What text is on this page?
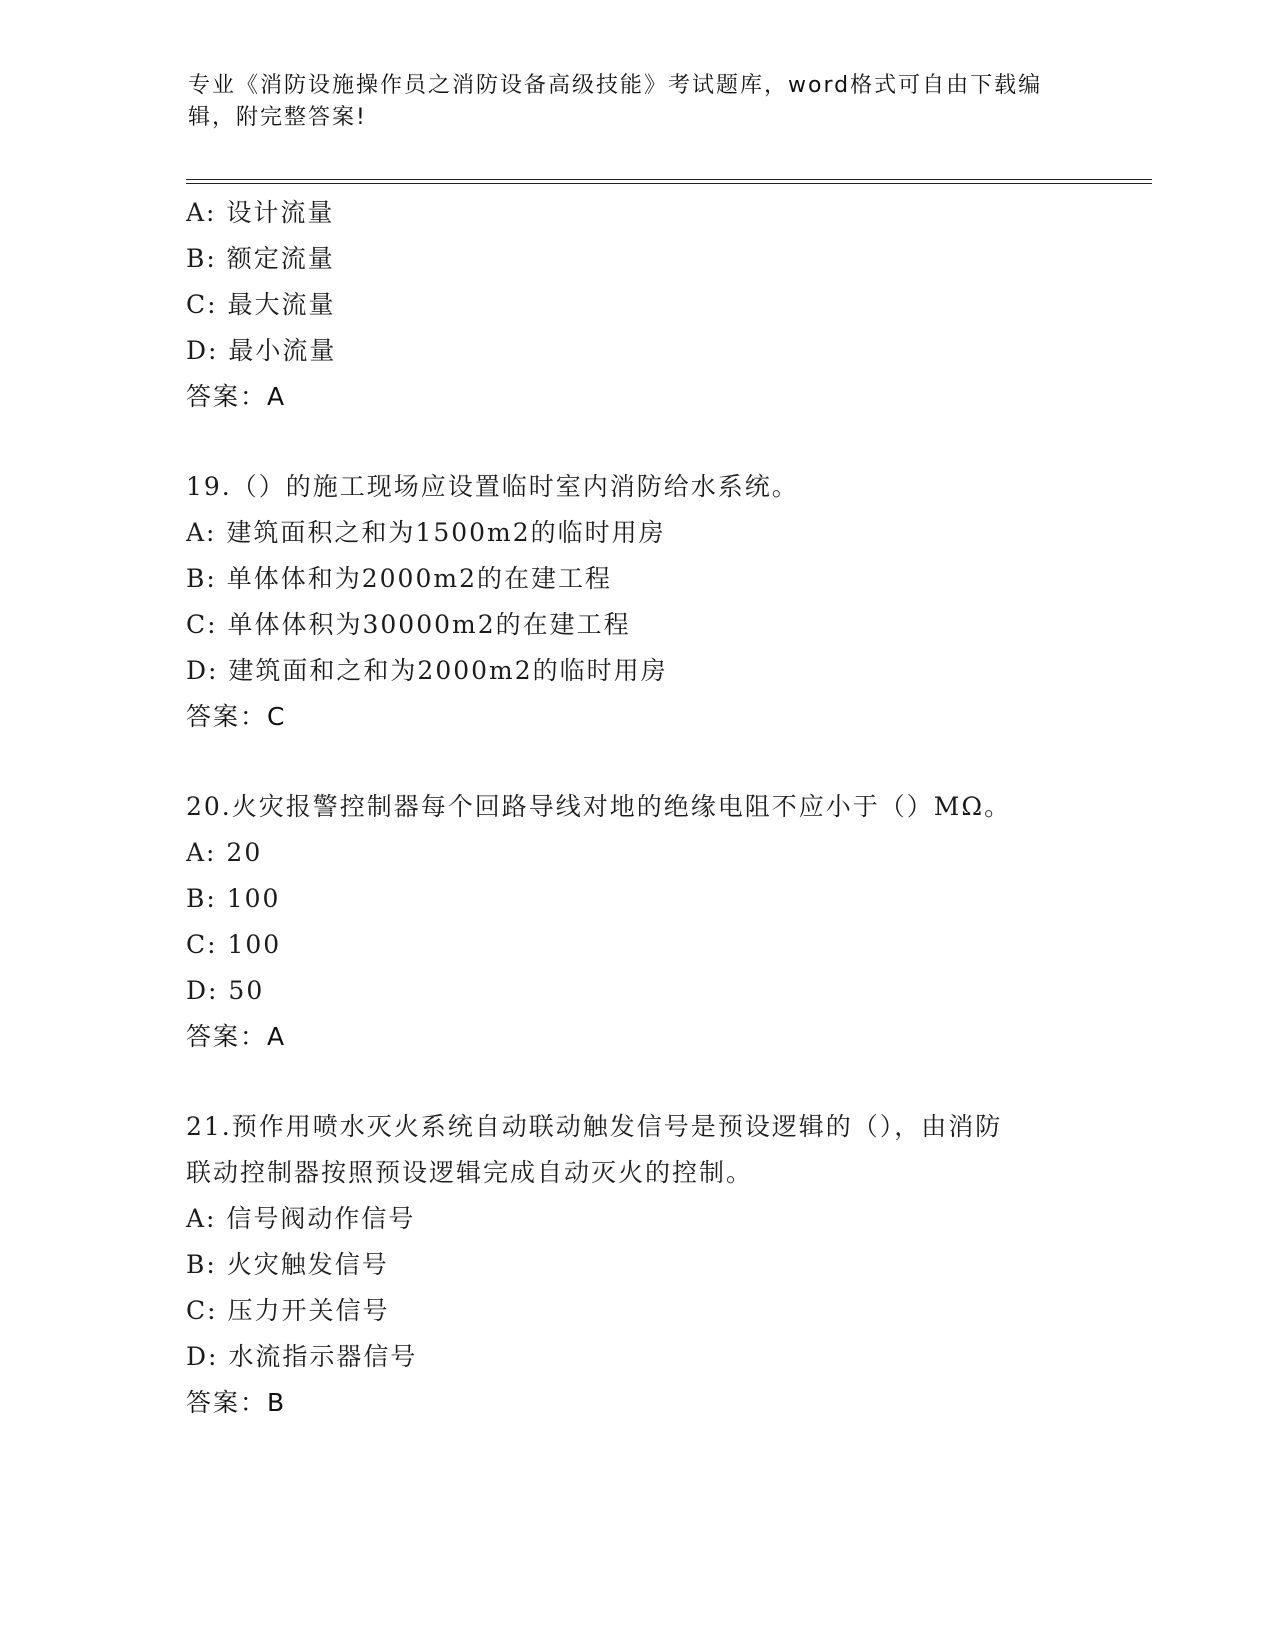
专业《消防设施操作员之消防设备高级技能》考试题库，word格式可自由下载编
辑，附完整答案!
A: 设计流量
B: 额定流量
C: 最大流量
D: 最小流量
答案：A
19.（）的施工现场应设置临时室内消防给水系统。
A: 建筑面积之和为1500m2的临时用房
B: 单体体和为2000m2的在建工程
C: 单体体积为30000m2的在建工程
D: 建筑面和之和为2000m2的临时用房
答案：C
20.火灾报警控制器每个回路导线对地的绝缘电阻不应小于（）MΩ。
A: 20
B: 100
C: 100
D: 50
答案：A
21.预作用喷水灭火系统自动联动触发信号是预设逻辑的（），由消防
联动控制器按照预设逻辑完成自动灭火的控制。
A: 信号阀动作信号
B: 火灾触发信号
C: 压力开关信号
D: 水流指示器信号
答案：B
